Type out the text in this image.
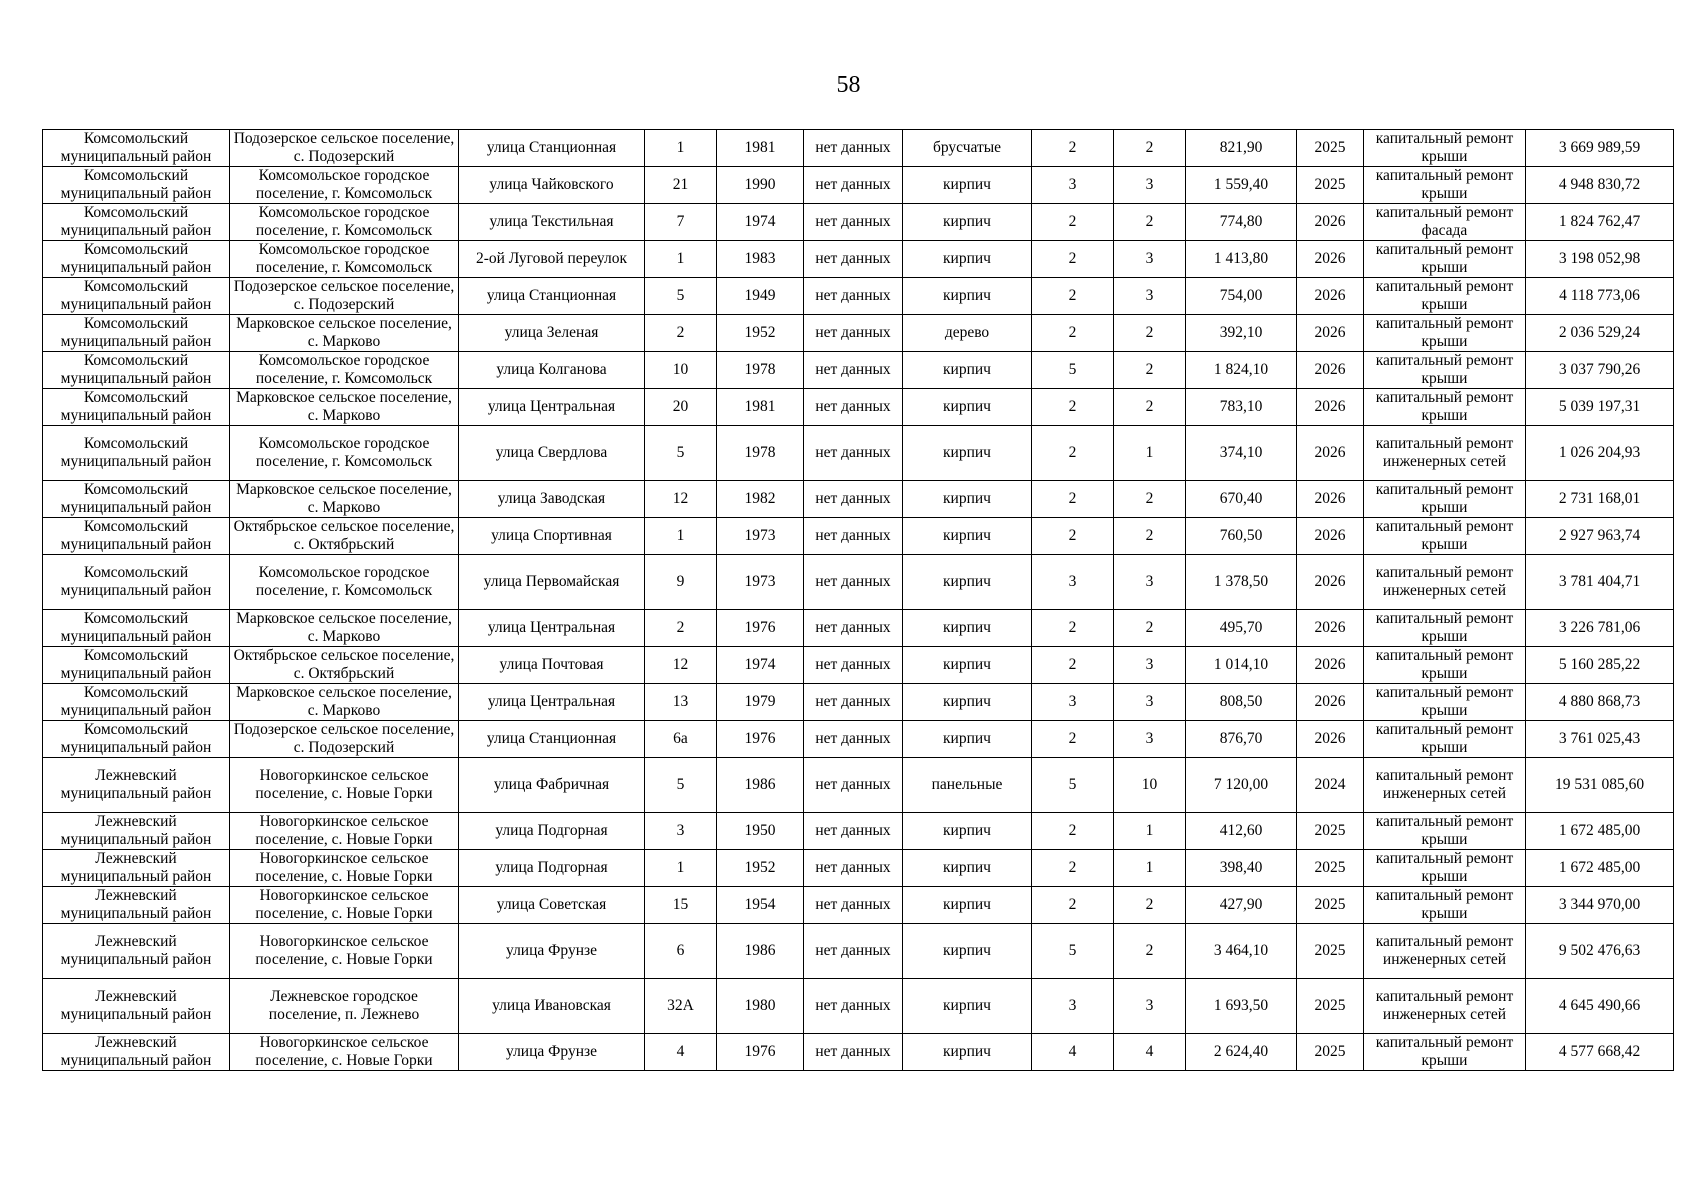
58
Комсомольский муниципальный район	Подозерское сельское поселение, с. Подозерский	улица Станционная	1	1981	нет данных	брусчатые	2	2	821,90	2025	капитальный ремонт крыши	3 669 989,59
Комсомольский муниципальный район	Комсомольское городское поселение, г. Комсомольск	улица Чайковского	21	1990	нет данных	кирпич	3	3	1 559,40	2025	капитальный ремонт крыши	4 948 830,72
Комсомольский муниципальный район	Комсомольское городское поселение, г. Комсомольск	улица Текстильная	7	1974	нет данных	кирпич	2	2	774,80	2026	капитальный ремонт фасада	1 824 762,47
Комсомольский муниципальный район	Комсомольское городское поселение, г. Комсомольск	2-ой Луговой переулок	1	1983	нет данных	кирпич	2	3	1 413,80	2026	капитальный ремонт крыши	3 198 052,98
Комсомольский муниципальный район	Подозерское сельское поселение, с. Подозерский	улица Станционная	5	1949	нет данных	кирпич	2	3	754,00	2026	капитальный ремонт крыши	4 118 773,06
Комсомольский муниципальный район	Марковское сельское поселение, с. Марково	улица Зеленая	2	1952	нет данных	дерево	2	2	392,10	2026	капитальный ремонт крыши	2 036 529,24
Комсомольский муниципальный район	Комсомольское городское поселение, г. Комсомольск	улица Колганова	10	1978	нет данных	кирпич	5	2	1 824,10	2026	капитальный ремонт крыши	3 037 790,26
Комсомольский муниципальный район	Марковское сельское поселение, с. Марково	улица Центральная	20	1981	нет данных	кирпич	2	2	783,10	2026	капитальный ремонт крыши	5 039 197,31
Комсомольский муниципальный район	Комсомольское городское поселение, г. Комсомольск	улица Свердлова	5	1978	нет данных	кирпич	2	1	374,10	2026	капитальный ремонт инженерных сетей	1 026 204,93
Комсомольский муниципальный район	Марковское сельское поселение, с. Марково	улица Заводская	12	1982	нет данных	кирпич	2	2	670,40	2026	капитальный ремонт крыши	2 731 168,01
Комсомольский муниципальный район	Октябрьское сельское поселение, с. Октябрьский	улица Спортивная	1	1973	нет данных	кирпич	2	2	760,50	2026	капитальный ремонт крыши	2 927 963,74
Комсомольский муниципальный район	Комсомольское городское поселение, г. Комсомольск	улица Первомайская	9	1973	нет данных	кирпич	3	3	1 378,50	2026	капитальный ремонт инженерных сетей	3 781 404,71
Комсомольский муниципальный район	Марковское сельское поселение, с. Марково	улица Центральная	2	1976	нет данных	кирпич	2	2	495,70	2026	капитальный ремонт крыши	3 226 781,06
Комсомольский муниципальный район	Октябрьское сельское поселение, с. Октябрьский	улица Почтовая	12	1974	нет данных	кирпич	2	3	1 014,10	2026	капитальный ремонт крыши	5 160 285,22
Комсомольский муниципальный район	Марковское сельское поселение, с. Марково	улица Центральная	13	1979	нет данных	кирпич	3	3	808,50	2026	капитальный ремонт крыши	4 880 868,73
Комсомольский муниципальный район	Подозерское сельское поселение, с. Подозерский	улица Станционная	6а	1976	нет данных	кирпич	2	3	876,70	2026	капитальный ремонт крыши	3 761 025,43
Лежневский муниципальный район	Новогоркинское сельское поселение, с. Новые Горки	улица Фабричная	5	1986	нет данных	панельные	5	10	7 120,00	2024	капитальный ремонт инженерных сетей	19 531 085,60
Лежневский муниципальный район	Новогоркинское сельское поселение, с. Новые Горки	улица Подгорная	3	1950	нет данных	кирпич	2	1	412,60	2025	капитальный ремонт крыши	1 672 485,00
Лежневский муниципальный район	Новогоркинское сельское поселение, с. Новые Горки	улица Подгорная	1	1952	нет данных	кирпич	2	1	398,40	2025	капитальный ремонт крыши	1 672 485,00
Лежневский муниципальный район	Новогоркинское сельское поселение, с. Новые Горки	улица Советская	15	1954	нет данных	кирпич	2	2	427,90	2025	капитальный ремонт крыши	3 344 970,00
Лежневский муниципальный район	Новогоркинское сельское поселение, с. Новые Горки	улица Фрунзе	6	1986	нет данных	кирпич	5	2	3 464,10	2025	капитальный ремонт инженерных сетей	9 502 476,63
Лежневский муниципальный район	Лежневское городское поселение, п. Лежнево	улица Ивановская	32А	1980	нет данных	кирпич	3	3	1 693,50	2025	капитальный ремонт инженерных сетей	4 645 490,66
Лежневский муниципальный район	Новогоркинское сельское поселение, с. Новые Горки	улица Фрунзе	4	1976	нет данных	кирпич	4	4	2 624,40	2025	капитальный ремонт крыши	4 577 668,42
